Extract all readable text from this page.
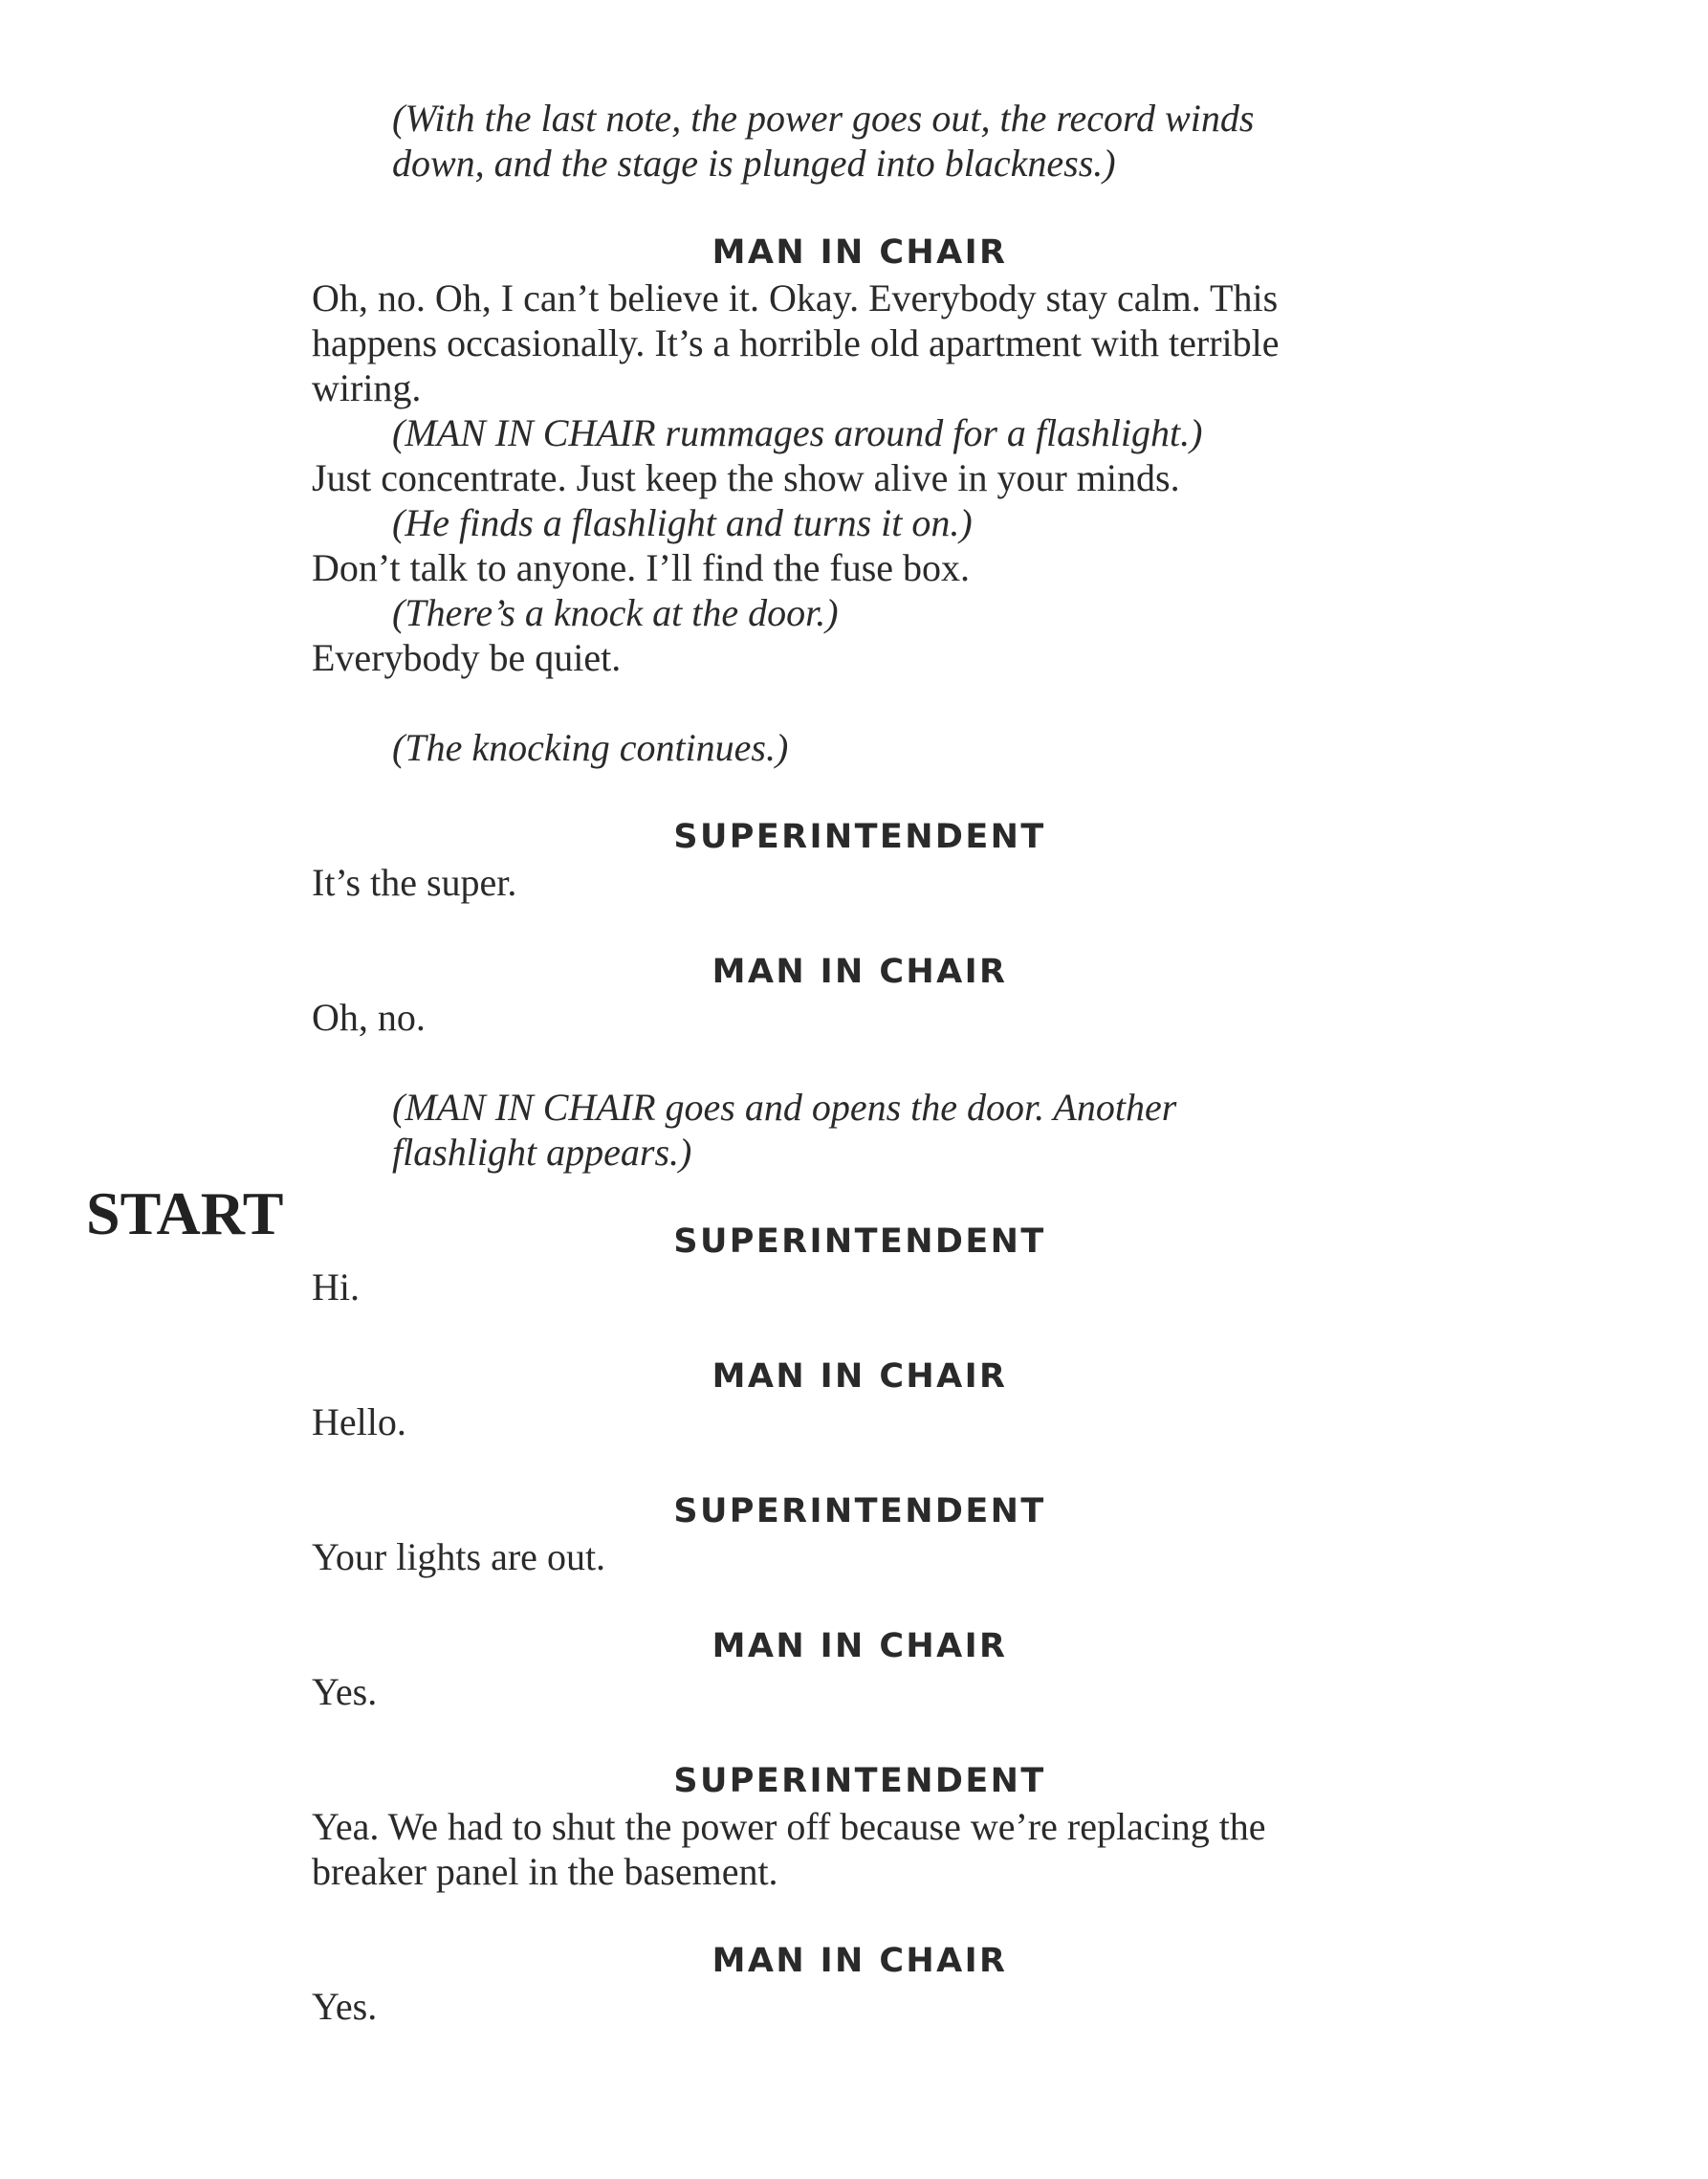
START
(With the last note, the power goes out, the record winds
down, and the stage is plunged into blackness.)
MAN IN CHAIR
Oh, no. Oh, I can’t believe it. Okay. Everybody stay calm. This
happens occasionally. It’s a horrible old apartment with terrible
wiring.
(MAN IN CHAIR rummages around for a flashlight.)
Just concentrate. Just keep the show alive in your minds.
(He finds a flashlight and turns it on.)
Don’t talk to anyone. I’ll find the fuse box.
(There’s a knock at the door.)
Everybody be quiet.
(The knocking continues.)
SUPERINTENDENT
It’s the super.
MAN IN CHAIR
Oh, no.
(MAN IN CHAIR goes and opens the door. Another
flashlight appears.)
SUPERINTENDENT
Hi.
MAN IN CHAIR
Hello.
SUPERINTENDENT
Your lights are out.
MAN IN CHAIR
Yes.
SUPERINTENDENT
Yea. We had to shut the power off because we’re replacing the
breaker panel in the basement.
MAN IN CHAIR
Yes.
